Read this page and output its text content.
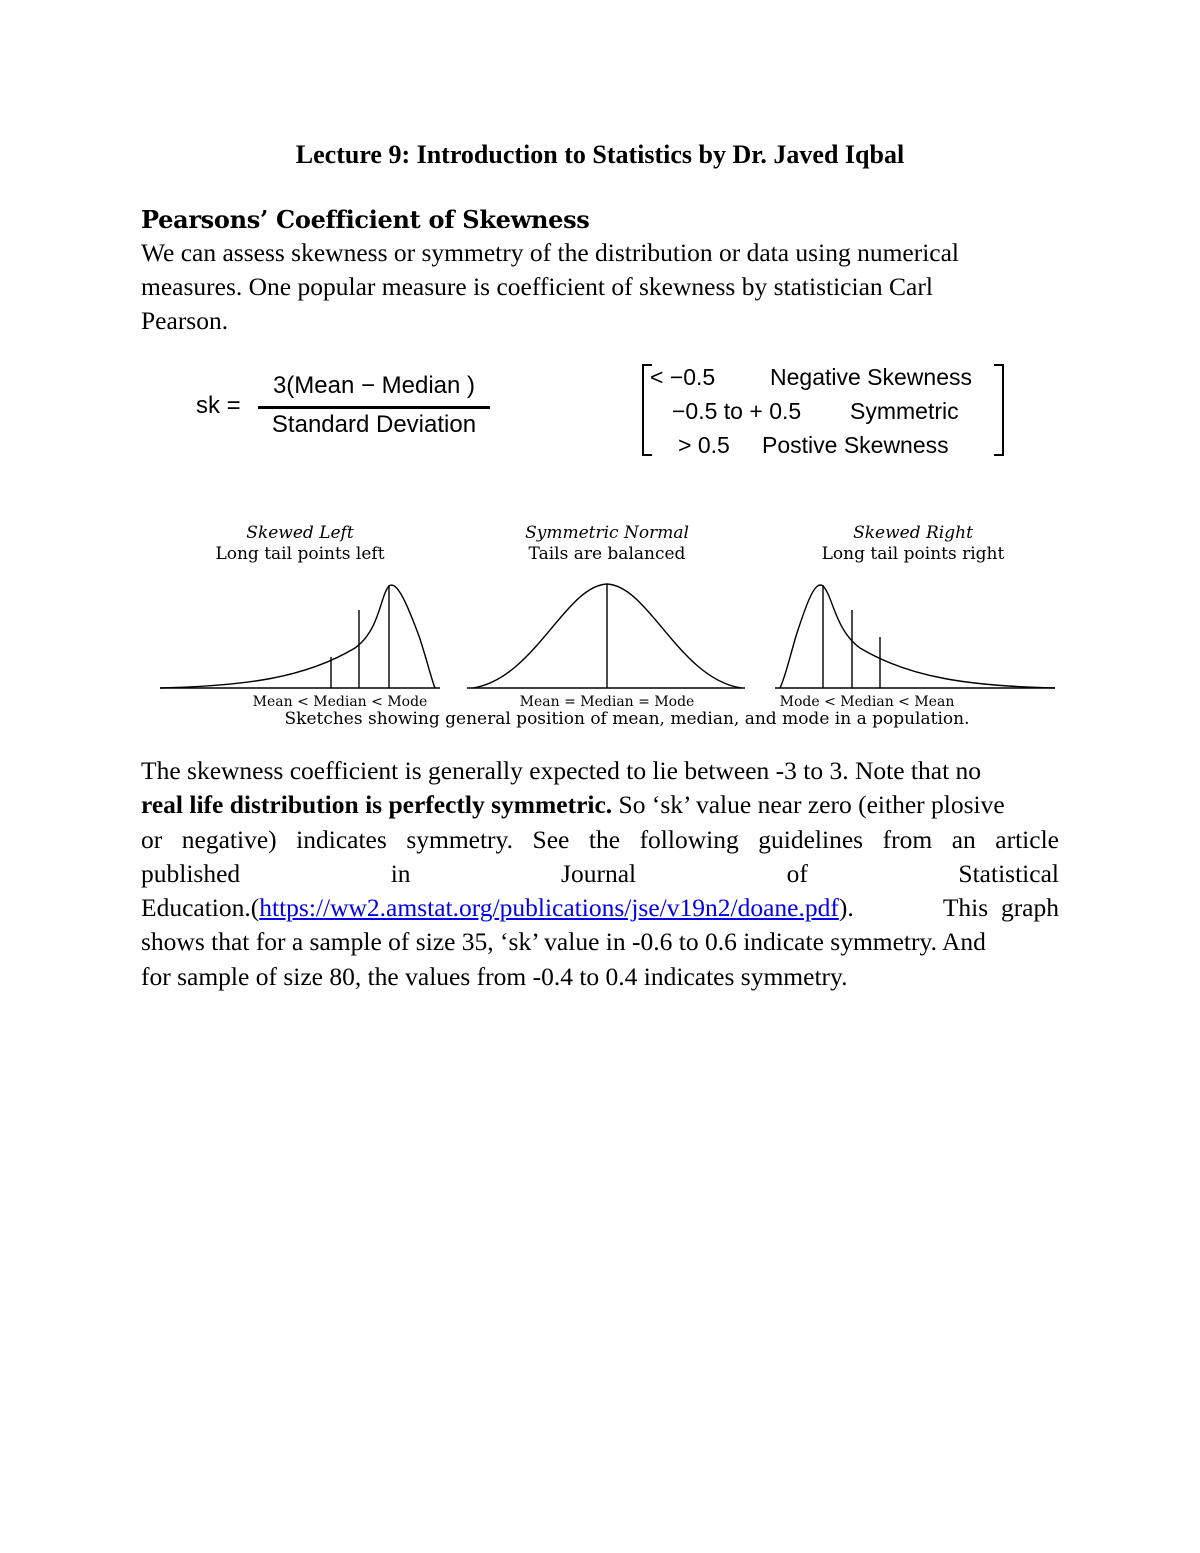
Lecture 9: Introduction to Statistics by Dr. Javed Iqbal
Pearsons’ Coefficient of Skewness
We can assess skewness or symmetry of the distribution or data using numerical
measures. One popular measure is coefficient of skewness by statistician Carl
Pearson.
sk =
3(Mean − Median )
Standard Deviation
< −0.5 Negative Skewness
−0.5 to + 0.5 Symmetric
> 0.5 Postive Skewness
Skewed Left
Long tail points left
Symmetric Normal
Tails are balanced
Skewed Right
Long tail points right
Mean < Median < Mode	Mean = Median = Mode	Mode < Median < Mean
Sketches showing general position of mean, median, and mode in a population.
The skewness coefficient is generally expected to lie between -3 to 3. Note that no
real life distribution is perfectly symmetric. So ‘sk’ value near zero (either plosive
or negative) indicates symmetry. See the following guidelines from an article
published	in	Journal	of	Statistical
Education.(https://ww2.amstat.org/publications/jse/v19n2/doane.pdf).	This graph
shows that for a sample of size 35, ‘sk’ value in -0.6 to 0.6 indicate symmetry. And
for sample of size 80, the values from -0.4 to 0.4 indicates symmetry.
